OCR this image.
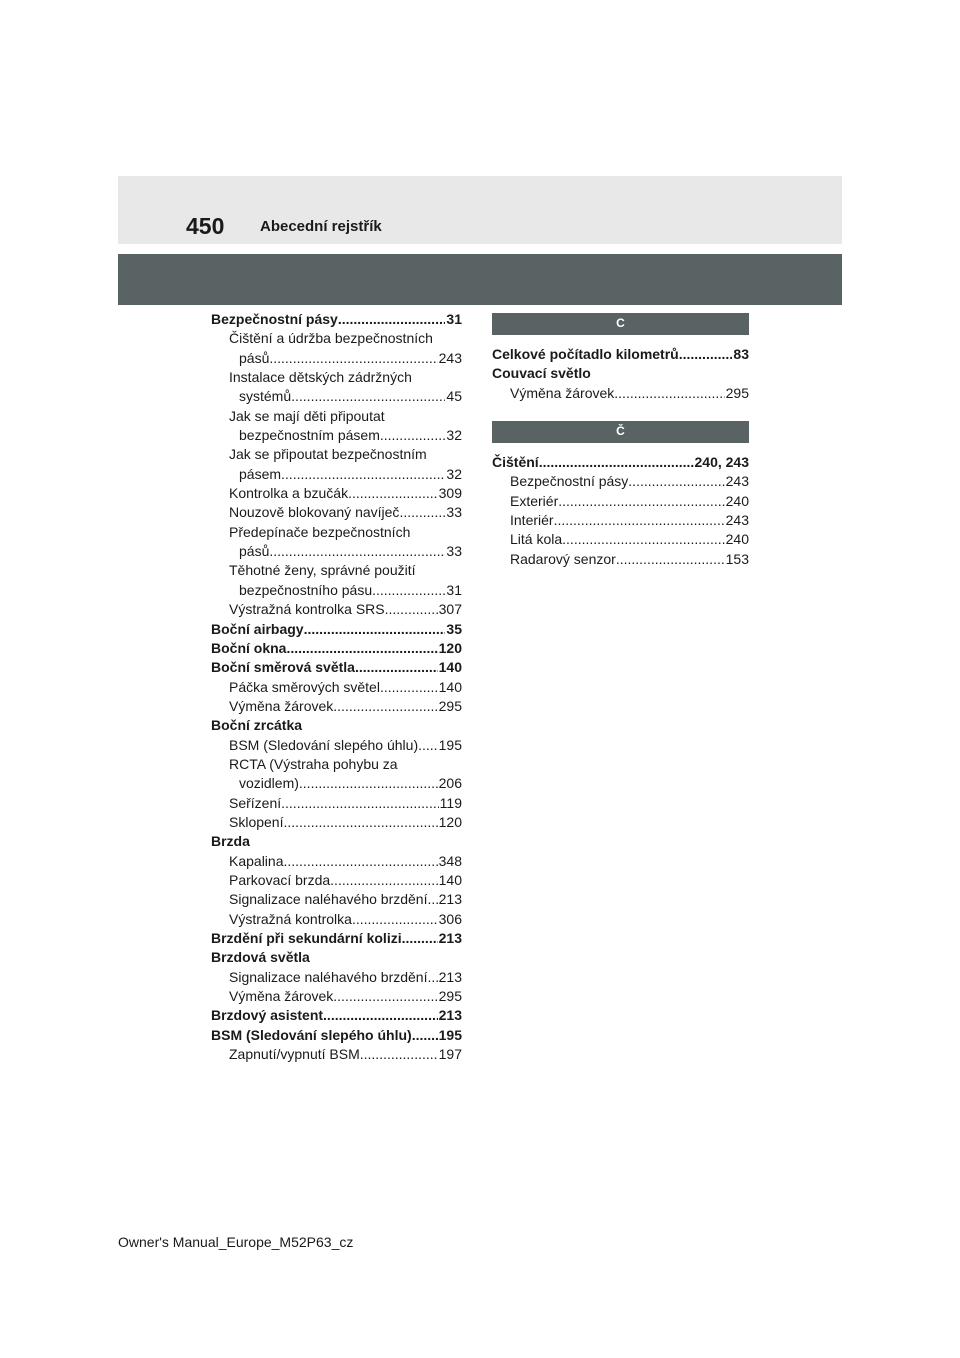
450 Abecední rejstřík
Bezpečnostní pásy .....	31
Čištění a údržba bezpečnostních
pásů .....	243
Instalace dětských zádržných
systémů .....	45
Jak se mají děti připoutat
bezpečnostním pásem .....	32
Jak se připoutat bezpečnostním
pásem .....	32
Kontrolka a bzučák .....	309
Nouzově blokovaný navíječ .....	33
Předepínače bezpečnostních
pásů .....	33
Těhotné ženy, správné použití
bezpečnostního pásu .....	31
Výstražná kontrolka SRS .....	307
Boční airbagy .....	35
Boční okna .....	120
Boční směrová světla .....	140
Páčka směrových světel .....	140
Výměna žárovek .....	295
Boční zrcátka
BSM (Sledování slepého úhlu) ..... 195
RCTA (Výstraha pohybu za
vozidlem) .....	206
Seřízení .....	119
Sklopení .....	120
Brzda
Kapalina .....	348
Parkovací brzda .....	140
Signalizace naléhavého brzdění ..... 213
Výstražná kontrolka .....	306
Brzdění při sekundární kolizi .....	213
Brzdová světla
Signalizace naléhavého brzdění ..... 213
Výměna žárovek .....	295
Brzdový asistent .....	213
BSM (Sledování slepého úhlu) ..... 195
Zapnutí/vypnutí BSM .....	197
C
Celkové počítadlo kilometrů .....	83
Couvací světlo
Výměna žárovek .....	295
Č
Čištění .....	240, 243
Bezpečnostní pásy .....	243
Exteriér .....	240
Interiér .....	243
Litá kola .....	240
Radarový senzor .....	153
Owner's Manual_Europe_M52P63_cz
